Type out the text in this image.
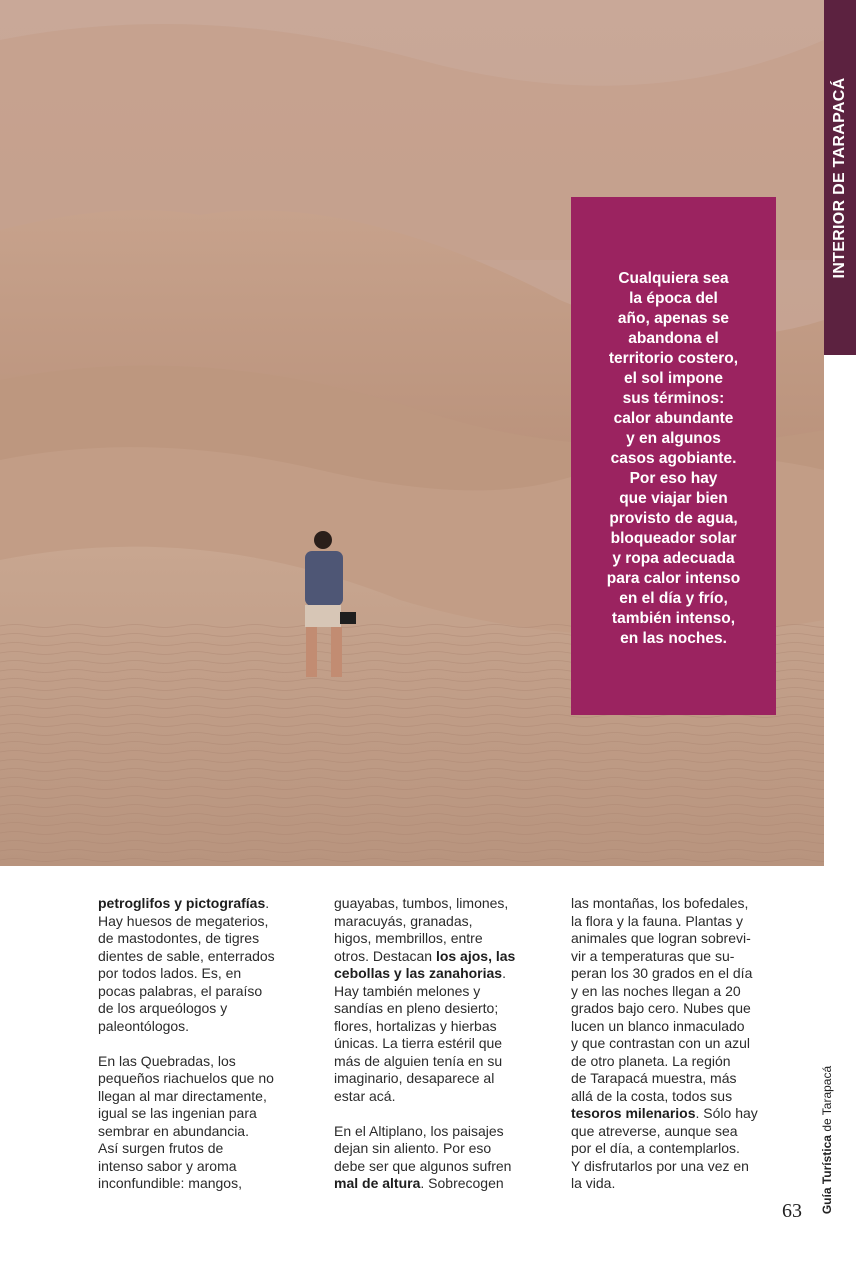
INTERIOR DE TARAPACÁ
Cualquiera sea
la época del
año, apenas se
abandona el
territorio costero,
el sol impone
sus términos:
calor abundante
y en algunos
casos agobiante.
Por eso hay
que viajar bien
provisto de agua,
bloqueador solar
y ropa adecuada
para calor intenso
en el día y frío,
también intenso,
en las noches.
petroglifos y pictografías.
Hay huesos de megaterios,
de mastodontes, de tigres
dientes de sable, enterrados
por todos lados. Es, en
pocas palabras, el paraíso
de los arqueólogos y
paleontólogos.
En las Quebradas, los
pequeños riachuelos que no
llegan al mar directamente,
igual se las ingenian para
sembrar en abundancia.
Así surgen frutos de
intenso sabor y aroma
inconfundible: mangos,
guayabas, tumbos, limones,
maracuyás, granadas,
higos, membrillos, entre
otros. Destacan los ajos, las
cebollas y las zanahorias.
Hay también melones y
sandías en pleno desierto;
flores, hortalizas y hierbas
únicas. La tierra estéril que
más de alguien tenía en su
imaginario, desaparece al
estar acá.
En el Altiplano, los paisajes
dejan sin aliento. Por eso
debe ser que algunos sufren
mal de altura. Sobrecogen
las montañas, los bofedales,
la flora y la fauna. Plantas y
animales que logran sobrevi-
vir a temperaturas que su-
peran los 30 grados en el día
y en las noches llegan a 20
grados bajo cero. Nubes que
lucen un blanco inmaculado
y que contrastan con un azul
de otro planeta. La región
de Tarapacá muestra, más
allá de la costa, todos sus
tesoros milenarios. Sólo hay
que atreverse, aunque sea
por el día, a contemplarlos.
Y disfrutarlos por una vez en
la vida.	Guía Turística de Tarapacá
63
